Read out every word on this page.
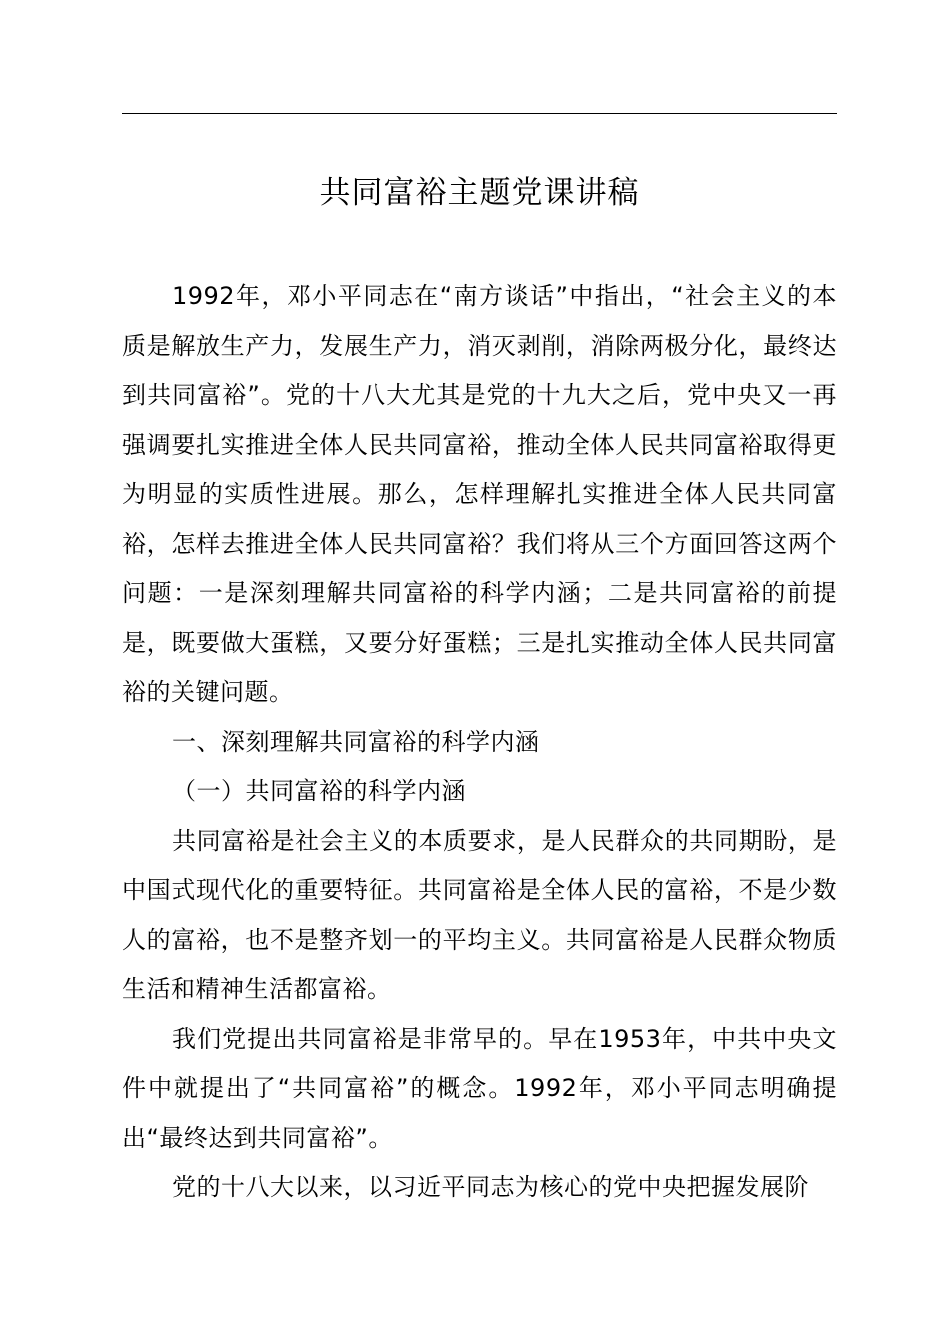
共同富裕主题党课讲稿

1992年，邓小平同志在“南方谈话”中指出，“社会主义的本质是解放生产力，发展生产力，消灭剥削，消除两极分化，最终达到共同富裕”。党的十八大尤其是党的十九大之后，党中央又一再强调要扎实推进全体人民共同富裕，推动全体人民共同富裕取得更为明显的实质性进展。那么，怎样理解扎实推进全体人民共同富裕，怎样去推进全体人民共同富裕？我们将从三个方面回答这两个问题：一是深刻理解共同富裕的科学内涵；二是共同富裕的前提是，既要做大蛋糕，又要分好蛋糕；三是扎实推动全体人民共同富裕的关键问题。

一、深刻理解共同富裕的科学内涵

（一）共同富裕的科学内涵

共同富裕是社会主义的本质要求，是人民群众的共同期盼，是中国式现代化的重要特征。共同富裕是全体人民的富裕，不是少数人的富裕，也不是整齐划一的平均主义。共同富裕是人民群众物质生活和精神生活都富裕。

我们党提出共同富裕是非常早的。早在1953年，中共中央文件中就提出了“共同富裕”的概念。1992年，邓小平同志明确提出“最终达到共同富裕”。

党的十八大以来，以习近平同志为核心的党中央把握发展阶
